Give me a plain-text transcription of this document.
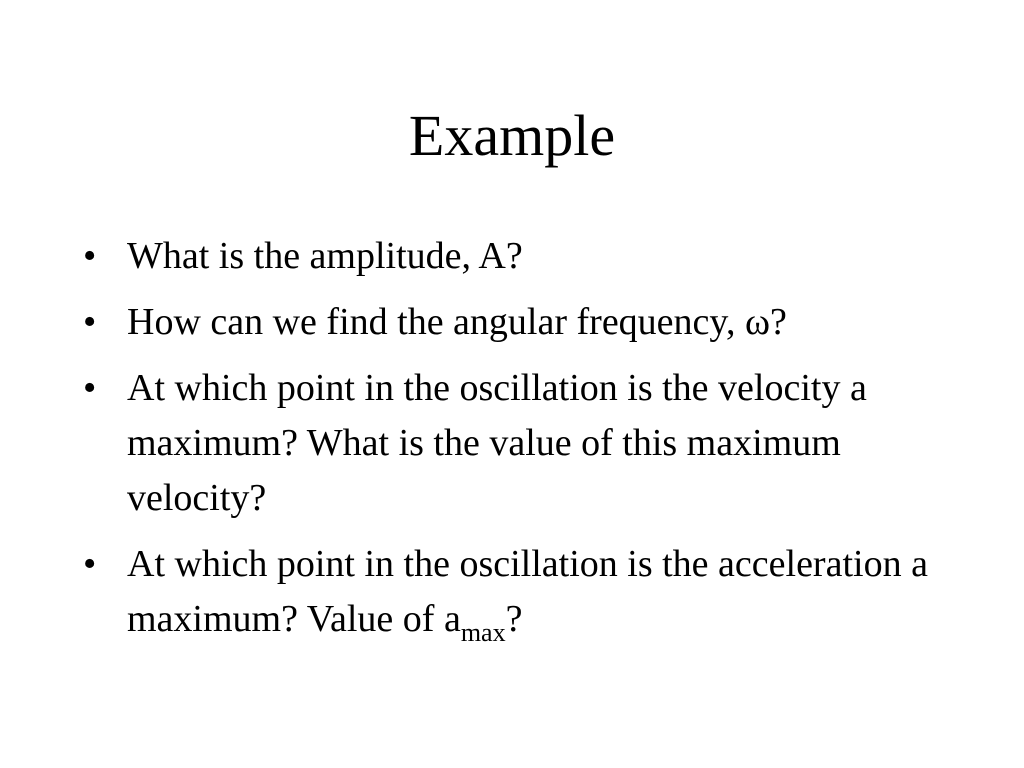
Example
• What is the amplitude, A?
• How can we find the angular frequency, ω?
• At which point in the oscillation is the velocity a maximum? What is the value of this maximum velocity?
• At which point in the oscillation is the acceleration a maximum? Value of $a_{max}$?
